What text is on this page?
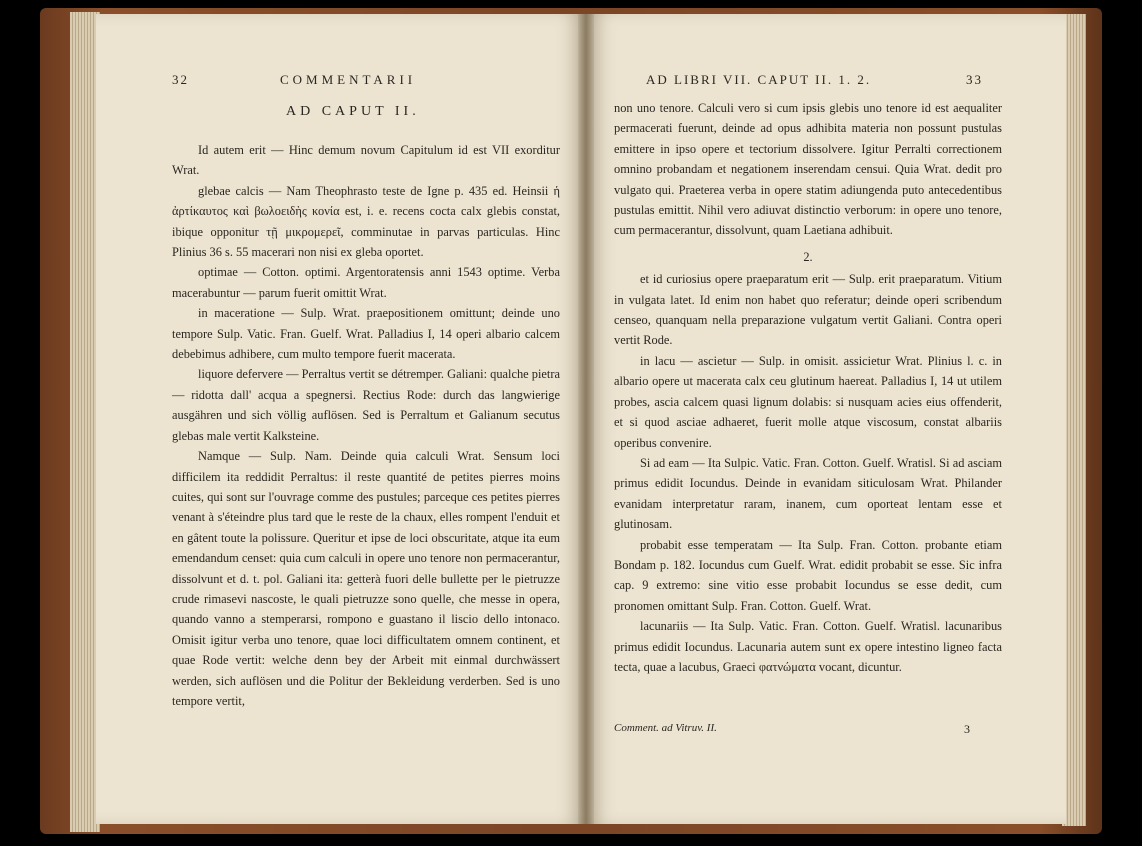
32	COMMENTARII
AD CAPUT II.

Id autem erit — Hinc demum novum Capitulum id est VII exorditur Wrat.

glebae calcis — Nam Theophrasto teste de Igne p. 435 ed. Heinsii ἡ ἀρτίκαυτος καὶ βωλοειδὴς κονία est, i. e. recens cocta calx glebis constat, ibique opponitur τῇ μικρομερεῖ, comminutae in parvas particulas. Hinc Plinius 36 s. 55 macerari non nisi ex gleba oportet.

optimae — Cotton. optimi. Argentoratensis anni 1543 optime. Verba macerabuntur — parum fuerit omittit Wrat.

in maceratione — Sulp. Wrat. praepositionem omittunt; deinde uno tempore Sulp. Vatic. Fran. Guelf. Wrat. Palladius I, 14 operi albario calcem debebimus adhibere, cum multo tempore fuerit macerata.

liquore defervere — Perraltus vertit se détremper. Galiani: qualche pietra — ridotta dall' acqua a spegnersi. Rectius Rode: durch das langwierige ausgähren und sich völlig auflösen. Sed is Perraltum et Galianum secutus glebas male vertit Kalksteine.

Namque — Sulp. Nam. Deinde quia calculi Wrat. Sensum loci difficilem ita reddidit Perraltus: il reste quantité de petites pierres moins cuites, qui sont sur l'ouvrage comme des pustules; parceque ces petites pierres venant à s'éteindre plus tard que le reste de la chaux, elles rompent l'enduit et en gâtent toute la polissure. Queritur et ipse de loci obscuritate, atque ita eum emendandum censet: quia cum calculi in opere uno tenore non permacerantur, dissolvunt et d. t. pol. Galiani ita: getterà fuori delle bullette per le pietruzze crude rimasevi nascoste, le quali pietruzze sono quelle, che messe in opera, quando vanno a stemperarsi, rompono e guastano il liscio dello intonaco. Omisit igitur verba uno tenore, quae loci difficultatem omnem continent, et quae Rode vertit: welche denn bey der Arbeit mit einmal durchwässert werden, sich auflösen und die Politur der Bekleidung verderben. Sed is uno tempore vertit,

AD LIBRI VII. CAPUT II. 1. 2.	33

non uno tenore. Calculi vero si cum ipsis glebis uno tenore id est aequaliter permacerati fuerunt, deinde ad opus adhibita materia non possunt pustulas emittere in ipso opere et tectorium dissolvere. Igitur Perralti correctionem omnino probandam et negationem inserendam censui. Quia Wrat. dedit pro vulgato qui. Praeterea verba in opere statim adiungenda puto antecedentibus pustulas emittit. Nihil vero adiuvat distinctio verborum: in opere uno tenore, cum permacerantur, dissolvunt, quam Laetiana adhibuit.

2.

et id curiosius opere praeparatum erit — Sulp. erit praeparatum. Vitium in vulgata latet. Id enim non habet quo referatur; deinde operi scribendum censeo, quanquam nella preparazione vulgatum vertit Galiani. Contra operi vertit Rode.

in lacu — ascietur — Sulp. in omisit. assicietur Wrat. Plinius l. c. in albario opere ut macerata calx ceu glutinum haereat. Palladius I, 14 ut utilem probes, ascia calcem quasi lignum dolabis: si nusquam acies eius offenderit, et si quod asciae adhaeret, fuerit molle atque viscosum, constat albariis operibus convenire.

Si ad eam — Ita Sulpic. Vatic. Fran. Cotton. Guelf. Wratisl. Si ad asciam primus edidit Iocundus. Deinde in evanidam siticulosam Wrat. Philander evanidam interpretatur raram, inanem, cum oporteat lentam esse et glutinosam.

probabit esse temperatam — Ita Sulp. Fran. Cotton. probante etiam Bondam p. 182. Iocundus cum Guelf. Wrat. edidit probabit se esse. Sic infra cap. 9 extremo: sine vitio esse probabit Iocundus se esse dedit, cum pronomen omittant Sulp. Fran. Cotton. Guelf. Wrat.

lacunariis — Ita Sulp. Vatic. Fran. Cotton. Guelf. Wratisl. lacunaribus primus edidit Iocundus. Lacunaria autem sunt ex opere intestino ligneo facta tecta, quae a lacubus, Graeci φατνώματα vocant, dicuntur.

Comment. ad Vitruv. II.	3
